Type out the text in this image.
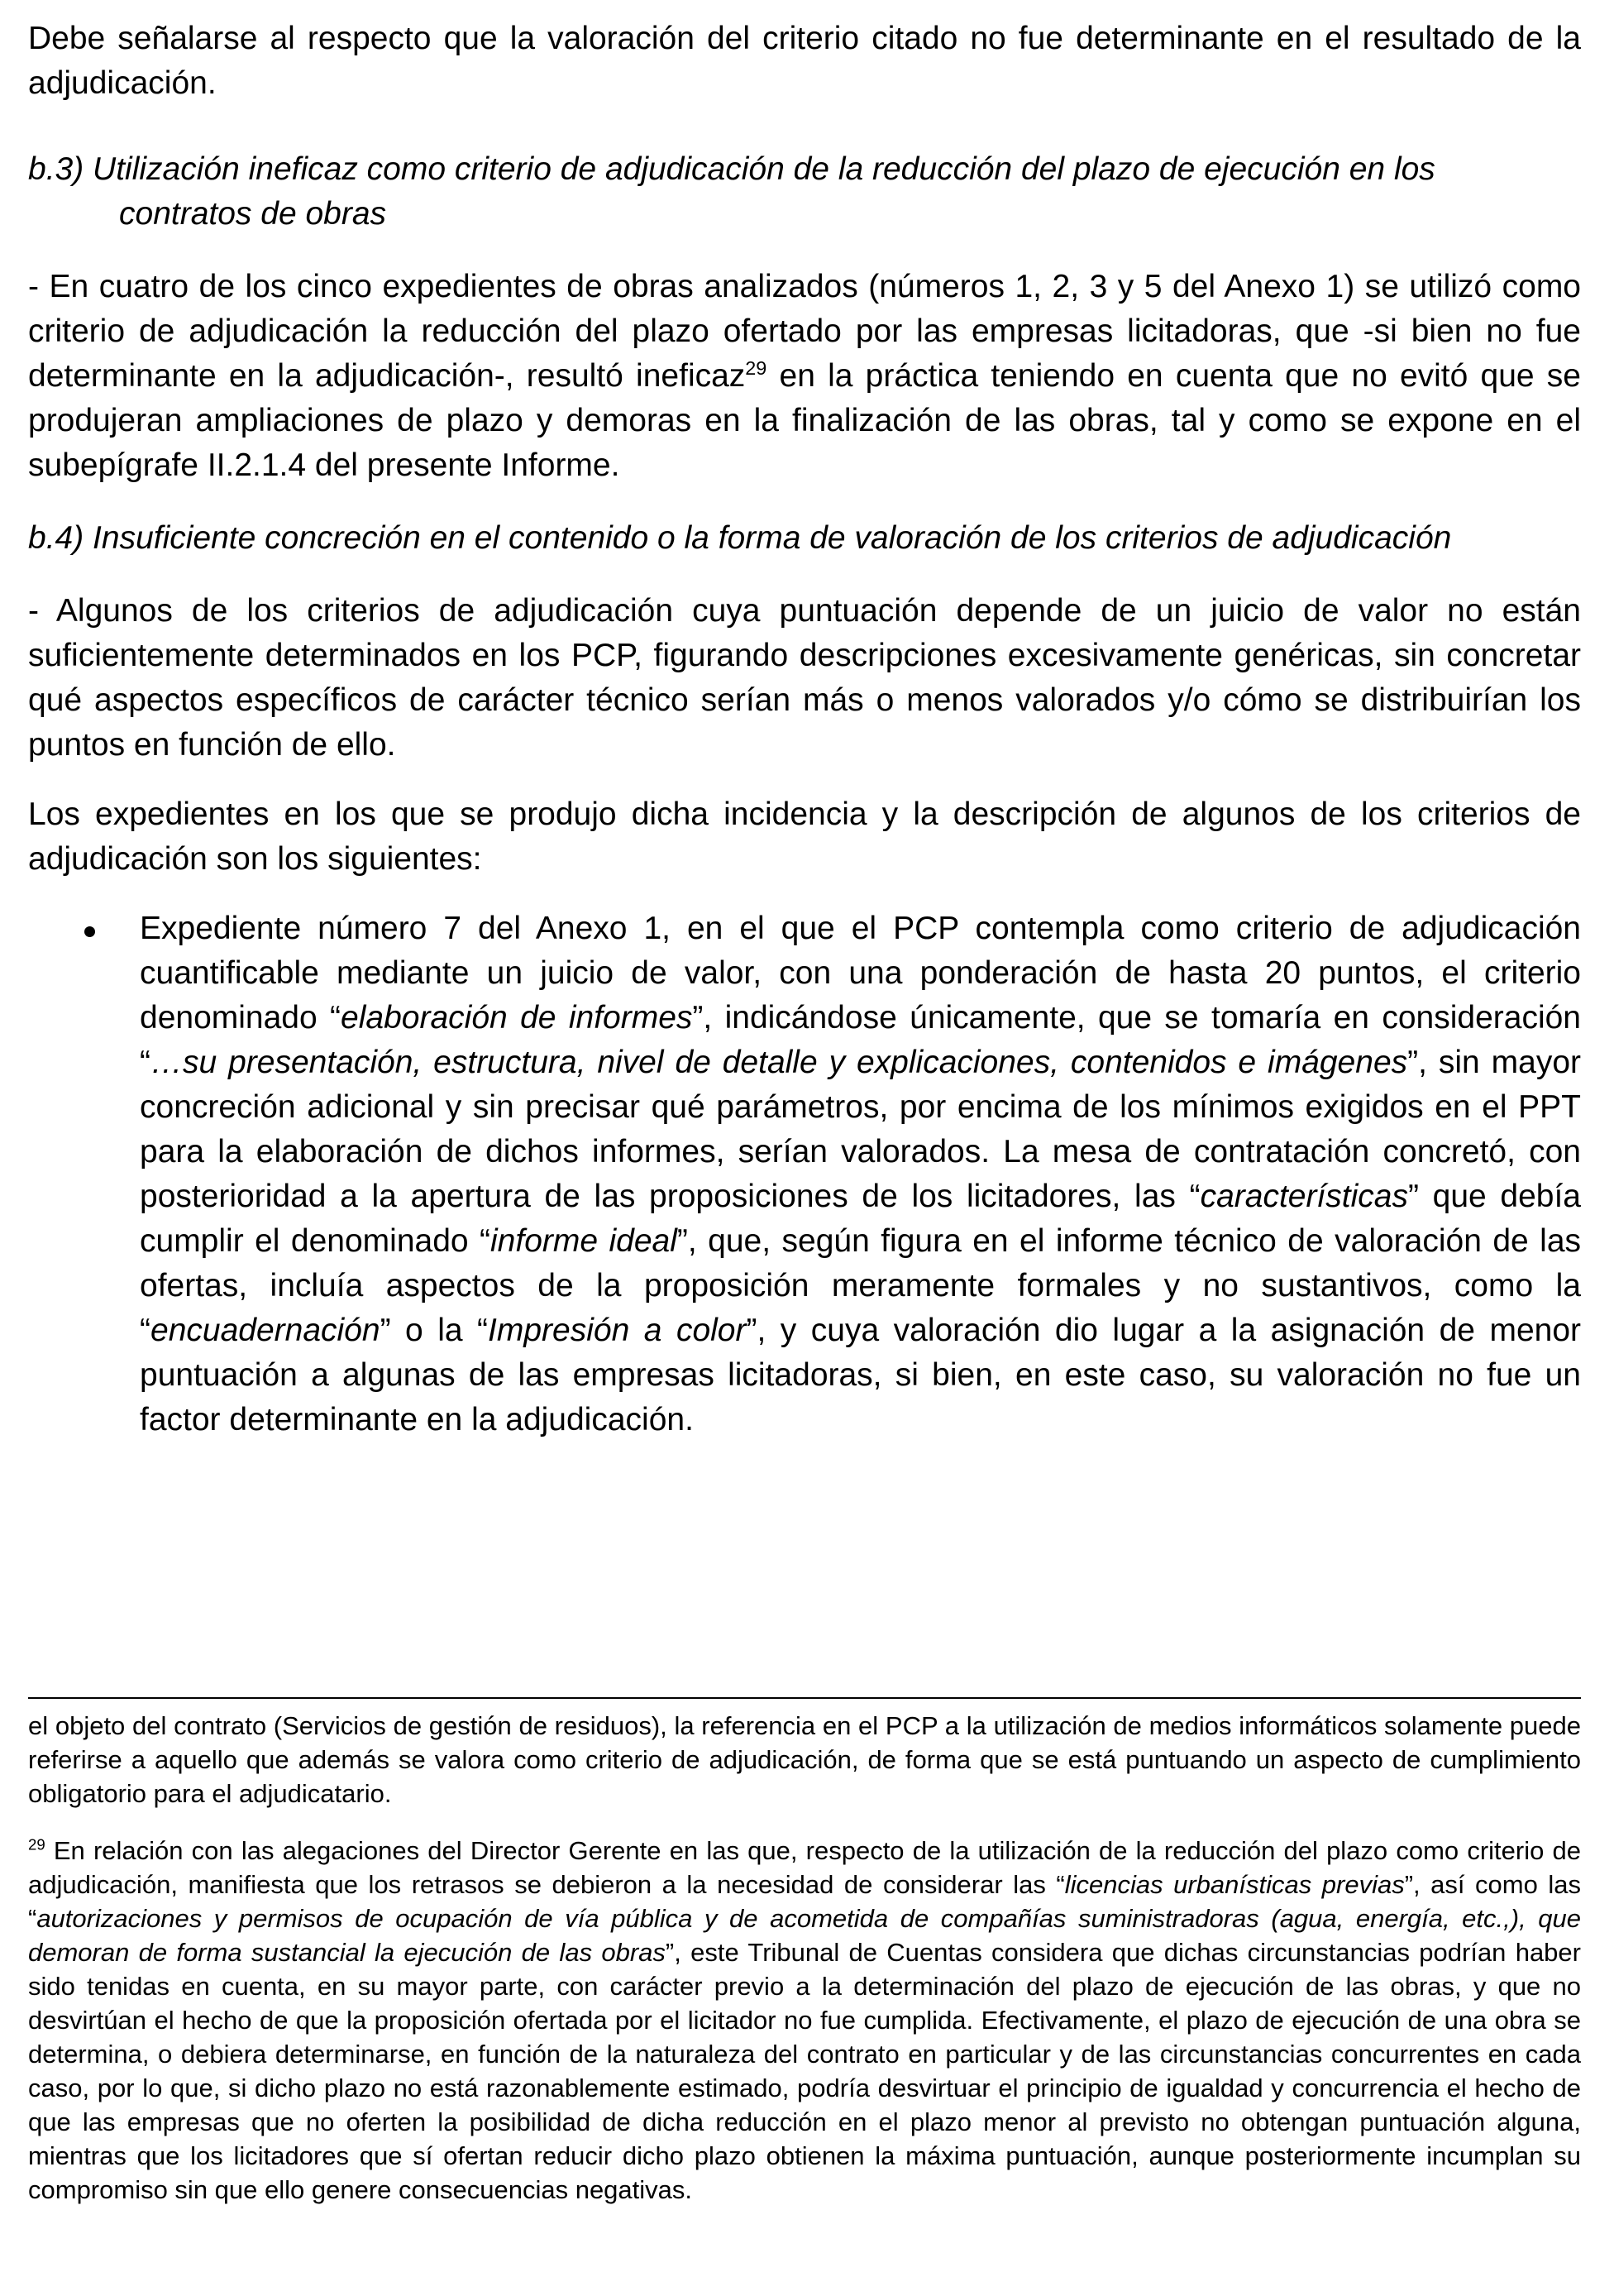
Debe señalarse al respecto que la valoración del criterio citado no fue determinante en el resultado de la adjudicación.

b.3) Utilización ineficaz como criterio de adjudicación de la reducción del plazo de ejecución en los
contratos de obras

- En cuatro de los cinco expedientes de obras analizados (números 1, 2, 3 y 5 del Anexo 1) se utilizó como criterio de adjudicación la reducción del plazo ofertado por las empresas licitadoras, que -si bien no fue determinante en la adjudicación-, resultó ineficaz$^{29}$ en la práctica teniendo en cuenta que no evitó que se produjeran ampliaciones de plazo y demoras en la finalización de las obras, tal y como se expone en el subepígrafe II.2.1.4 del presente Informe.

b.4) Insuficiente concreción en el contenido o la forma de valoración de los criterios de adjudicación

- Algunos de los criterios de adjudicación cuya puntuación depende de un juicio de valor no están suficientemente determinados en los PCP, figurando descripciones excesivamente genéricas, sin concretar qué aspectos específicos de carácter técnico serían más o menos valorados y/o cómo se distribuirían los puntos en función de ello.

Los expedientes en los que se produjo dicha incidencia y la descripción de algunos de los criterios de adjudicación son los siguientes:

Expediente número 7 del Anexo 1, en el que el PCP contempla como criterio de adjudicación cuantificable mediante un juicio de valor, con una ponderación de hasta 20 puntos, el criterio denominado “elaboración de informes”, indicándose únicamente, que se tomaría en consideración “…su presentación, estructura, nivel de detalle y explicaciones, contenidos e imágenes”, sin mayor concreción adicional y sin precisar qué parámetros, por encima de los mínimos exigidos en el PPT para la elaboración de dichos informes, serían valorados. La mesa de contratación concretó, con posterioridad a la apertura de las proposiciones de los licitadores, las “características” que debía cumplir el denominado “informe ideal”, que, según figura en el informe técnico de valoración de las ofertas, incluía aspectos de la proposición meramente formales y no sustantivos, como la “encuadernación” o la “Impresión a color”, y cuya valoración dio lugar a la asignación de menor puntuación a algunas de las empresas licitadoras, si bien, en este caso, su valoración no fue un factor determinante en la adjudicación.

el objeto del contrato (Servicios de gestión de residuos), la referencia en el PCP a la utilización de medios informáticos solamente puede referirse a aquello que además se valora como criterio de adjudicación, de forma que se está puntuando un aspecto de cumplimiento obligatorio para el adjudicatario.

$^{29}$ En relación con las alegaciones del Director Gerente en las que, respecto de la utilización de la reducción del plazo como criterio de adjudicación, manifiesta que los retrasos se debieron a la necesidad de considerar las “licencias urbanísticas previas”, así como las “autorizaciones y permisos de ocupación de vía pública y de acometida de compañías suministradoras (agua, energía, etc.,), que demoran de forma sustancial la ejecución de las obras”, este Tribunal de Cuentas considera que dichas circunstancias podrían haber sido tenidas en cuenta, en su mayor parte, con carácter previo a la determinación del plazo de ejecución de las obras, y que no desvirtúan el hecho de que la proposición ofertada por el licitador no fue cumplida. Efectivamente, el plazo de ejecución de una obra se determina, o debiera determinarse, en función de la naturaleza del contrato en particular y de las circunstancias concurrentes en cada caso, por lo que, si dicho plazo no está razonablemente estimado, podría desvirtuar el principio de igualdad y concurrencia el hecho de que las empresas que no oferten la posibilidad de dicha reducción en el plazo menor al previsto no obtengan puntuación alguna, mientras que los licitadores que sí ofertan reducir dicho plazo obtienen la máxima puntuación, aunque posteriormente incumplan su compromiso sin que ello genere consecuencias negativas.
